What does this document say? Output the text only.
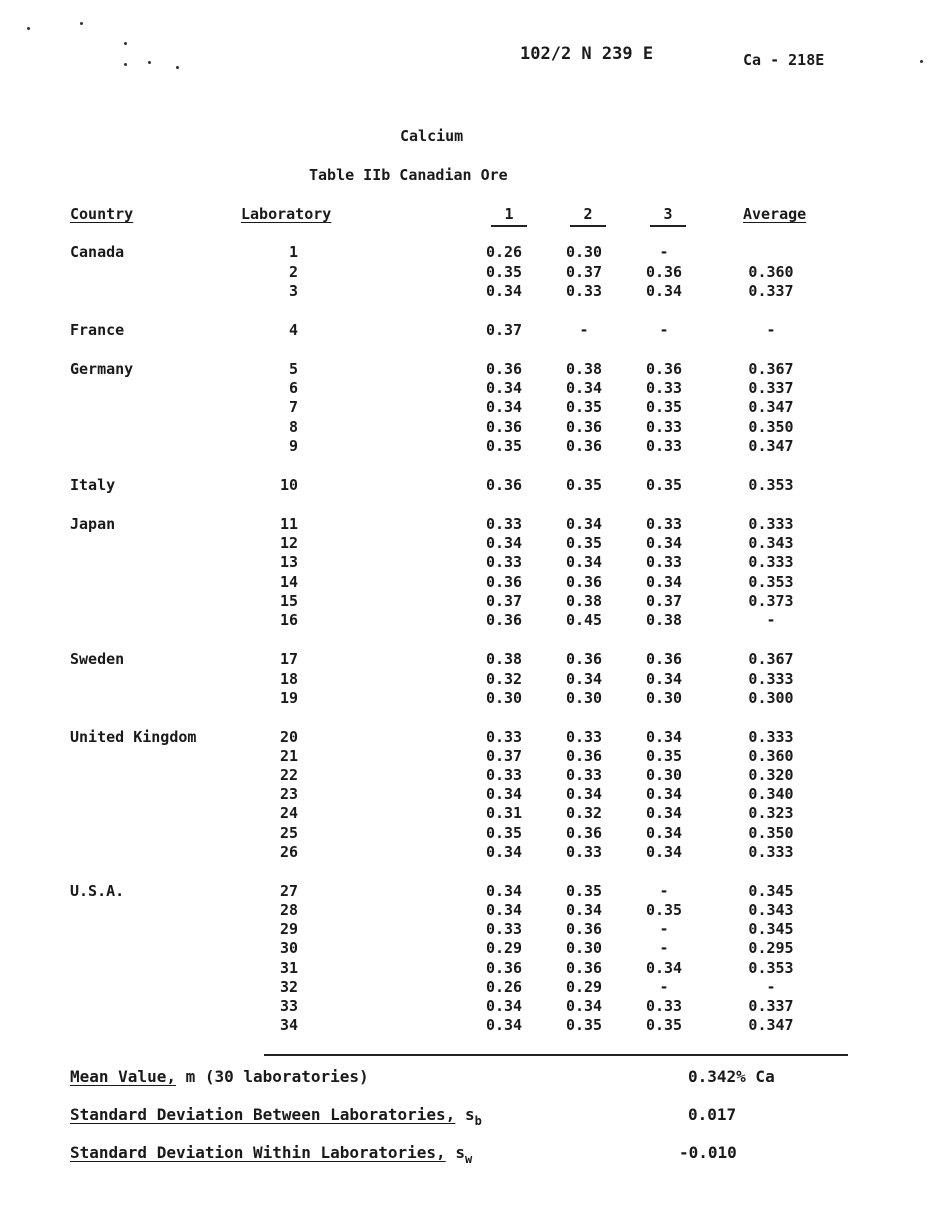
102/2 N 239 E	Ca - 218E
Calcium
Table IIb Canadian Ore
Country	Laboratory	1	2	3	Average
Canada	1	0.26	0.30	-
2	0.35	0.37	0.36	0.360
3	0.34	0.33	0.34	0.337
France	4	0.37	-	-	-
Germany	5	0.36	0.38	0.36	0.367
6	0.34	0.34	0.33	0.337
7	0.34	0.35	0.35	0.347
8	0.36	0.36	0.33	0.350
9	0.35	0.36	0.33	0.347
Italy	10	0.36	0.35	0.35	0.353
Japan	11	0.33	0.34	0.33	0.333
12	0.34	0.35	0.34	0.343
13	0.33	0.34	0.33	0.333
14	0.36	0.36	0.34	0.353
15	0.37	0.38	0.37	0.373
16	0.36	0.45	0.38	-
Sweden	17	0.38	0.36	0.36	0.367
18	0.32	0.34	0.34	0.333
19	0.30	0.30	0.30	0.300
United Kingdom	20	0.33	0.33	0.34	0.333
21	0.37	0.36	0.35	0.360
22	0.33	0.33	0.30	0.320
23	0.34	0.34	0.34	0.340
24	0.31	0.32	0.34	0.323
25	0.35	0.36	0.34	0.350
26	0.34	0.33	0.34	0.333
U.S.A.	27	0.34	0.35	-	0.345
28	0.34	0.34	0.35	0.343
29	0.33	0.36	-	0.345
30	0.29	0.30	-	0.295
31	0.36	0.36	0.34	0.353
32	0.26	0.29	-	-
33	0.34	0.34	0.33	0.337
34	0.34	0.35	0.35	0.347
Mean Value, m (30 laboratories)	0.342% Ca
Standard Deviation Between Laboratories, $s_b$	0.017
Standard Deviation Within Laboratories, $s_w$	-0.010
